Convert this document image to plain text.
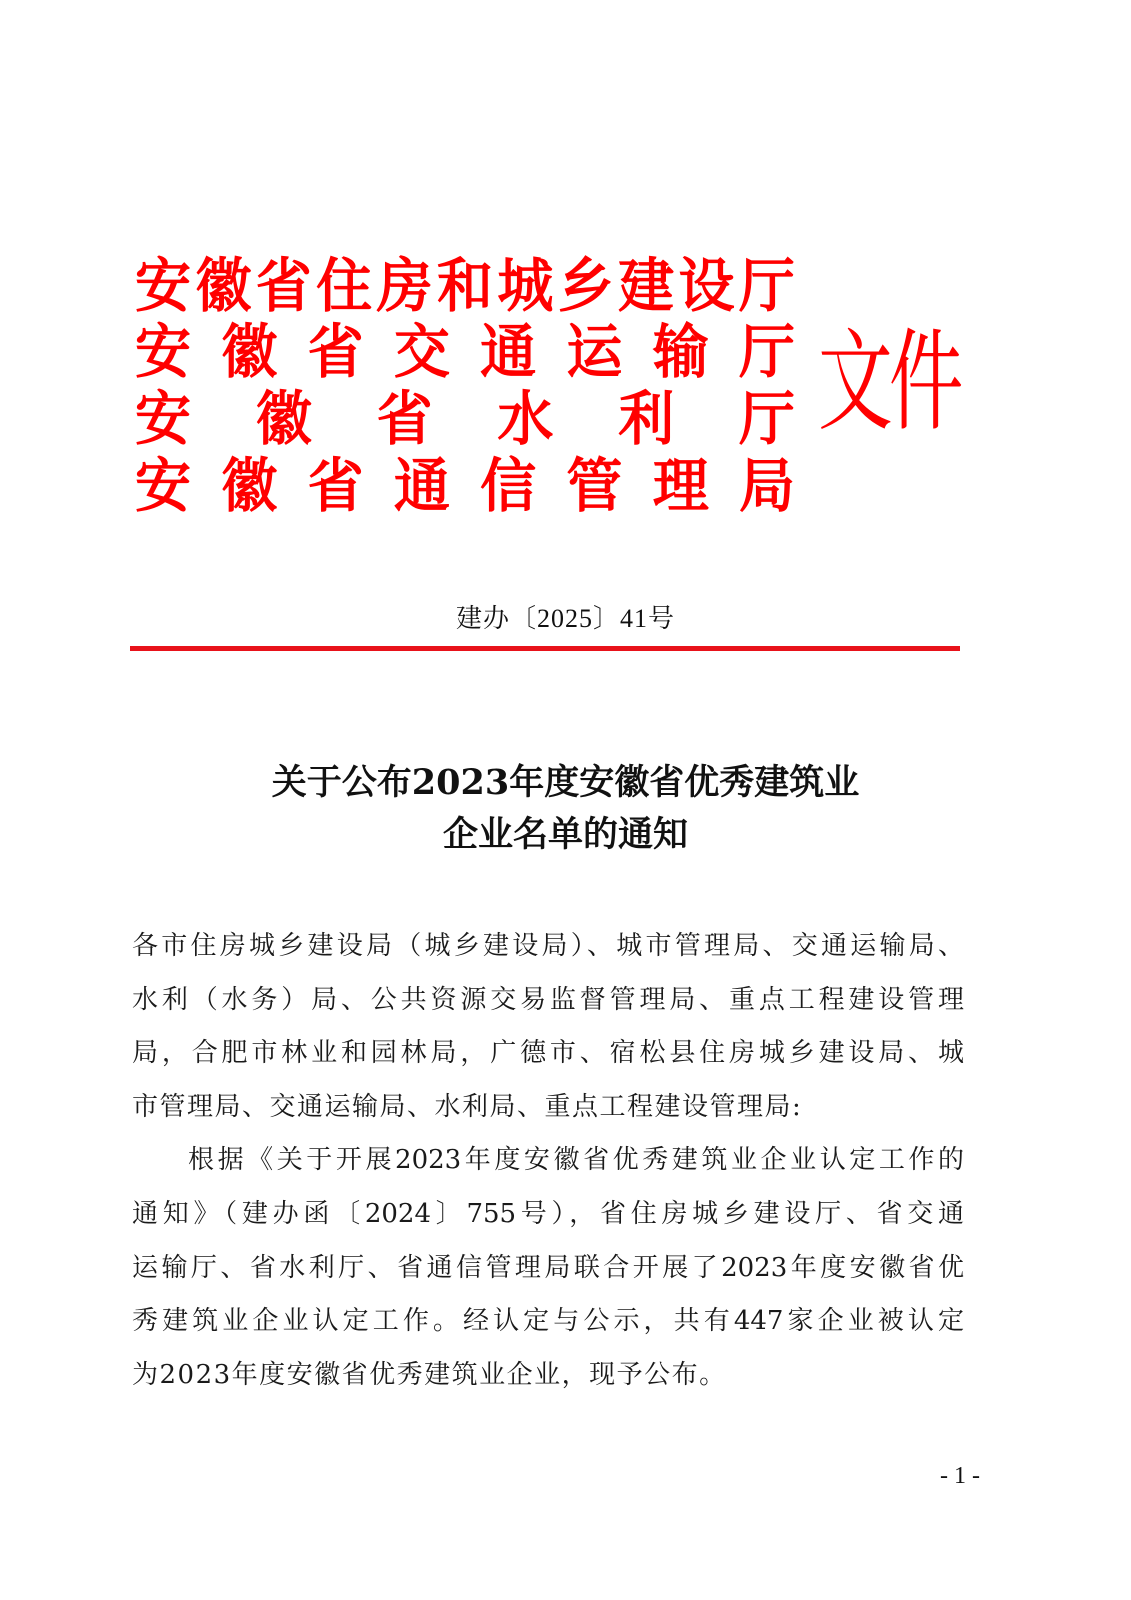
安 徽 省 住 房 和 城 乡 建 设 厅
安 徽 省 交 通 运 输 厅
安 徽 省 水 利 厅
安 徽 省 通 信 管 理 局
文件
建办〔2025〕41号
关于公布2023年度安徽省优秀建筑业
企业名单的通知
各市住房城乡建设局（城乡建设局）、城市管理局、交通运输局、
水利（水务）局、公共资源交易监督管理局、重点工程建设管理
局，合肥市林业和园林局，广德市、宿松县住房城乡建设局、城
市管理局、交通运输局、水利局、重点工程建设管理局:
根据《关于开展2023年度安徽省优秀建筑业企业认定工作的
通知》（建办函〔2024〕755号），省住房城乡建设厅、省交通
运输厅、省水利厅、省通信管理局联合开展了2023年度安徽省优
秀建筑业企业认定工作。经认定与公示，共有447家企业被认定
为2023年度安徽省优秀建筑业企业，现予公布。
- 1 -
